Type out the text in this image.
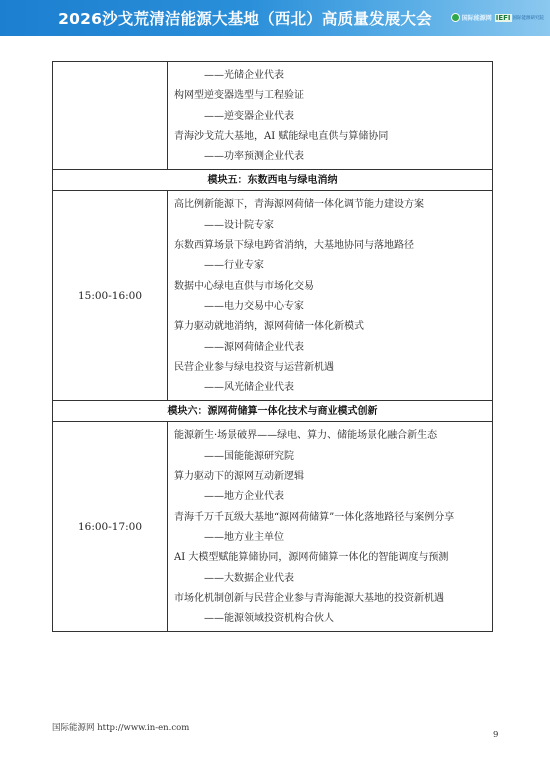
2026沙戈荒清洁能源大基地（西北）高质量发展大会	国际能源网 IEFI 国际能源研究院
——光储企业代表
构网型逆变器选型与工程验证
——逆变器企业代表
青海沙戈荒大基地，AI 赋能绿电直供与算储协同
——功率预测企业代表
模块五：东数西电与绿电消纳
15:00-16:00
高比例新能源下，青海源网荷储一体化调节能力建设方案
——设计院专家
东数西算场景下绿电跨省消纳，大基地协同与落地路径
——行业专家
数据中心绿电直供与市场化交易
——电力交易中心专家
算力驱动就地消纳，源网荷储一体化新模式
——源网荷储企业代表
民营企业参与绿电投资与运营新机遇
——风光储企业代表
模块六：源网荷储算一体化技术与商业模式创新
16:00-17:00
能源新生·场景破界——绿电、算力、储能场景化融合新生态
——国能能源研究院
算力驱动下的源网互动新逻辑
——地方企业代表
青海千万千瓦级大基地“源网荷储算”一体化落地路径与案例分享
——地方业主单位
AI 大模型赋能算储协同，源网荷储算一体化的智能调度与预测
——大数据企业代表
市场化机制创新与民营企业参与青海能源大基地的投资新机遇
——能源领域投资机构合伙人
国际能源网 http://www.in-en.com
9
